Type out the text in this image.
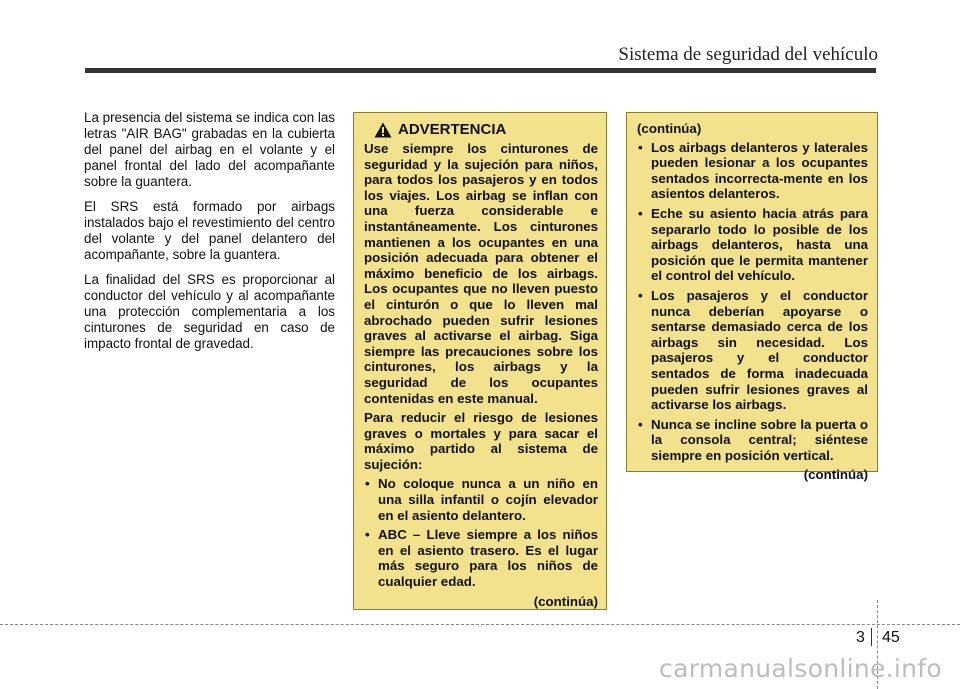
Sistema de seguridad del vehículo

La presencia del sistema se indica con las letras "AIR BAG" grabadas en la cubierta del panel del airbag en el volante y el panel frontal del lado del acompañante sobre la guantera.

El SRS está formado por airbags instalados bajo el revestimiento del centro del volante y del panel delantero del acompañante, sobre la guantera.

La finalidad del SRS es proporcionar al conductor del vehículo y al acompañante una protección complementaria a los cinturones de seguridad en caso de impacto frontal de gravedad.

ADVERTENCIA

Use siempre los cinturones de seguridad y la sujeción para niños, para todos los pasajeros y en todos los viajes. Los airbag se inflan con una fuerza considerable e instantáneamente. Los cinturones mantienen a los ocupantes en una posición adecuada para obtener el máximo beneficio de los airbags. Los ocupantes que no lleven puesto el cinturón o que lo lleven mal abrochado pueden sufrir lesiones graves al activarse el airbag. Siga siempre las precauciones sobre los cinturones, los airbags y la seguridad de los ocupantes contenidas en este manual.

Para reducir el riesgo de lesiones graves o mortales y para sacar el máximo partido al sistema de sujeción:

• No coloque nunca a un niño en una silla infantil o cojín elevador en el asiento delantero.
• ABC – Lleve siempre a los niños en el asiento trasero. Es el lugar más seguro para los niños de cualquier edad.
(continúa)
(continúa)
• Los airbags delanteros y laterales pueden lesionar a los ocupantes sentados incorrecta-mente en los asientos delanteros.
• Eche su asiento hacia atrás para separarlo todo lo posible de los airbags delanteros, hasta una posición que le permita mantener el control del vehículo.
• Los pasajeros y el conductor nunca deberían apoyarse o sentarse demasiado cerca de los airbags sin necesidad. Los pasajeros y el conductor sentados de forma inadecuada pueden sufrir lesiones graves al activarse los airbags.
• Nunca se incline sobre la puerta o la consola central; siéntese siempre en posición vertical.
(continúa)
3 45
carmanualsonline.info
